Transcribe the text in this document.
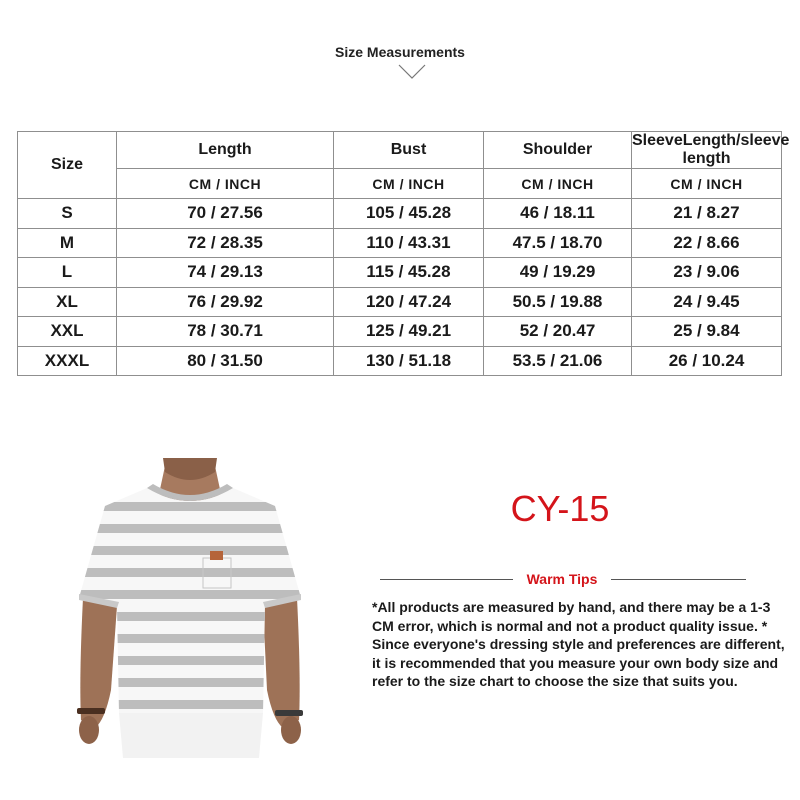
Size Measurements
Size	Length	Bust	Shoulder	SleeveLength/sleeve length
	CM / INCH	CM / INCH	CM / INCH	CM / INCH
S	70 / 27.56	105 / 45.28	46 / 18.11	21 / 8.27
M	72 / 28.35	110 / 43.31	47.5 / 18.70	22 / 8.66
L	74 / 29.13	115 / 45.28	49 / 19.29	23 / 9.06
XL	76 / 29.92	120 / 47.24	50.5 / 19.88	24 / 9.45
XXL	78 / 30.71	125 / 49.21	52 / 20.47	25 / 9.84
XXXL	80 / 31.50	130 / 51.18	53.5 / 21.06	26 / 10.24
CY-15
Warm Tips
*All products are measured by hand, and there may be a 1-3
CM error, which is normal and not a product quality issue. *
Since everyone's dressing style and preferences are different,
it is recommended that you measure your own body size and
refer to the size chart to choose the size that suits you.
